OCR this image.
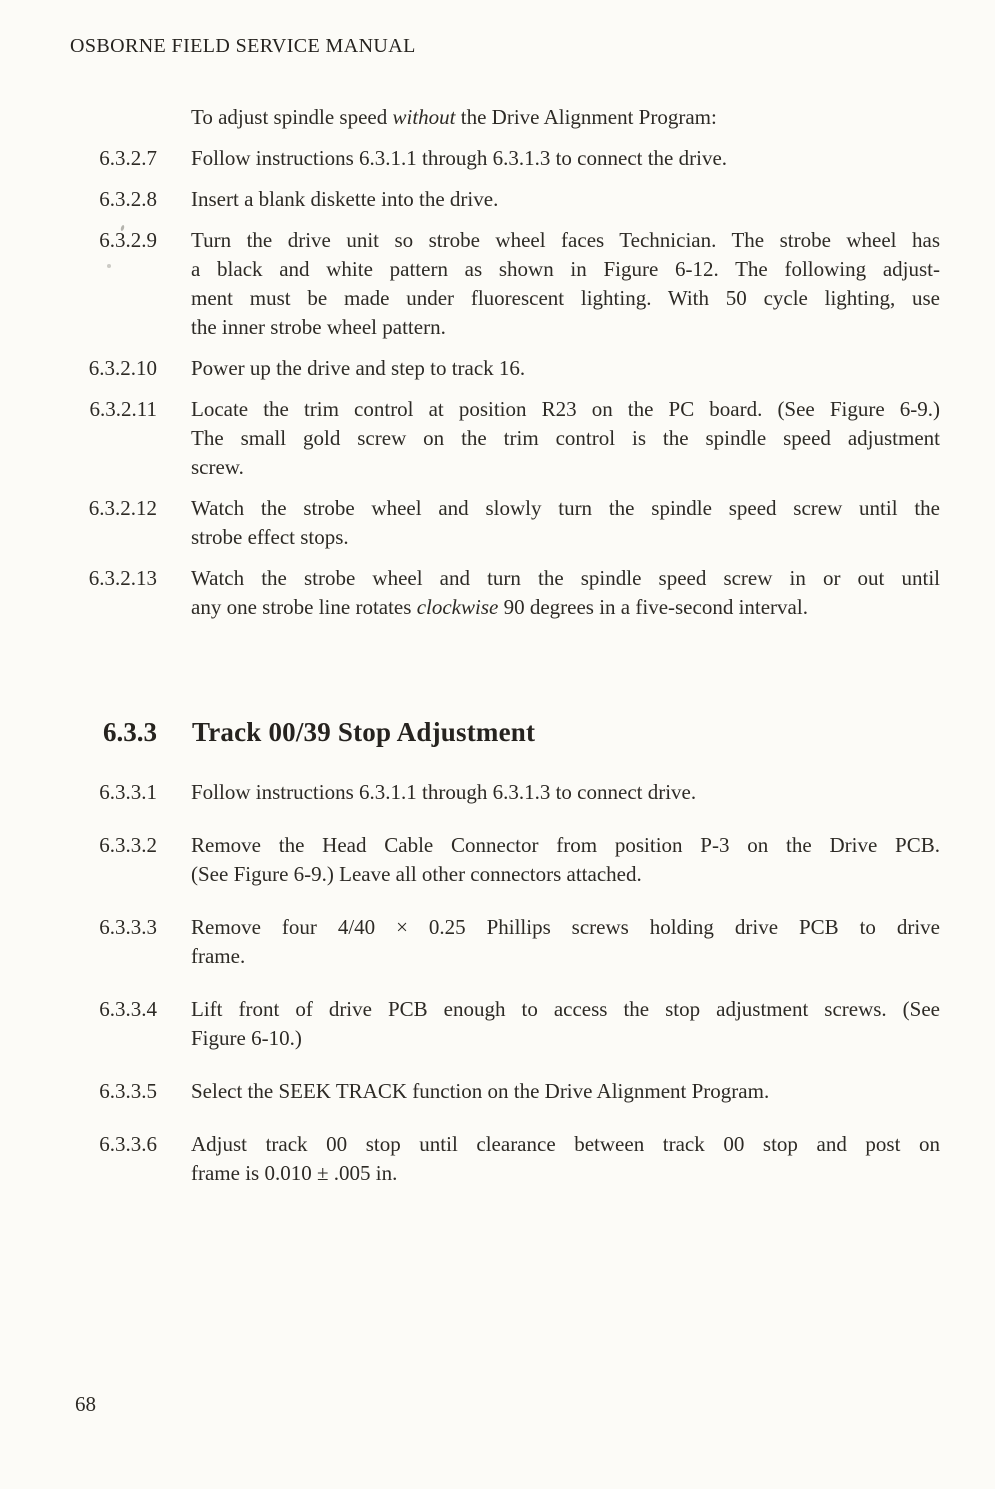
OSBORNE FIELD SERVICE MANUAL

To adjust spindle speed without the Drive Alignment Program:

6.3.2.7 Follow instructions 6.3.1.1 through 6.3.1.3 to connect the drive.
6.3.2.8 Insert a blank diskette into the drive.
6.3.2.9 Turn the drive unit so strobe wheel faces Technician. The strobe wheel has
a black and white pattern as shown in Figure 6-12. The following adjust-
ment must be made under fluorescent lighting. With 50 cycle lighting, use
the inner strobe wheel pattern.
6.3.2.10 Power up the drive and step to track 16.
6.3.2.11 Locate the trim control at position R23 on the PC board. (See Figure 6-9.)
The small gold screw on the trim control is the spindle speed adjustment
screw.
6.3.2.12 Watch the strobe wheel and slowly turn the spindle speed screw until the
strobe effect stops.
6.3.2.13 Watch the strobe wheel and turn the spindle speed screw in or out until
any one strobe line rotates clockwise 90 degrees in a five-second interval.
6.3.3 Track 00/39 Stop Adjustment
6.3.3.1 Follow instructions 6.3.1.1 through 6.3.1.3 to connect drive.
6.3.3.2 Remove the Head Cable Connector from position P-3 on the Drive PCB.
(See Figure 6-9.) Leave all other connectors attached.
6.3.3.3 Remove four 4/40 × 0.25 Phillips screws holding drive PCB to drive
frame.
6.3.3.4 Lift front of drive PCB enough to access the stop adjustment screws. (See
Figure 6-10.)
6.3.3.5 Select the SEEK TRACK function on the Drive Alignment Program.
6.3.3.6 Adjust track 00 stop until clearance between track 00 stop and post on
frame is 0.010 ± .005 in.
68
